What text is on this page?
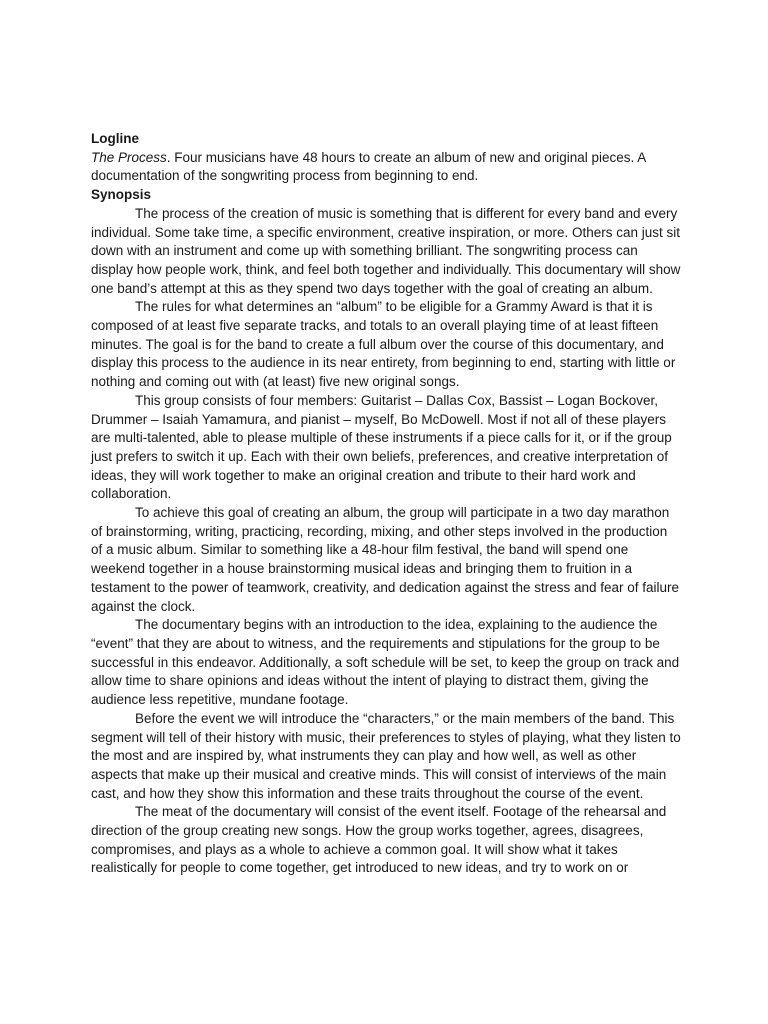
Logline

The Process. Four musicians have 48 hours to create an album of new and original pieces. A documentation of the songwriting process from beginning to end.

Synopsis

The process of the creation of music is something that is different for every band and every individual. Some take time, a specific environment, creative inspiration, or more. Others can just sit down with an instrument and come up with something brilliant. The songwriting process can display how people work, think, and feel both together and individually. This documentary will show one band’s attempt at this as they spend two days together with the goal of creating an album.

The rules for what determines an “album” to be eligible for a Grammy Award is that it is composed of at least five separate tracks, and totals to an overall playing time of at least fifteen minutes. The goal is for the band to create a full album over the course of this documentary, and display this process to the audience in its near entirety, from beginning to end, starting with little or nothing and coming out with (at least) five new original songs.

This group consists of four members: Guitarist – Dallas Cox, Bassist – Logan Bockover, Drummer – Isaiah Yamamura, and pianist – myself, Bo McDowell. Most if not all of these players are multi-talented, able to please multiple of these instruments if a piece calls for it, or if the group just prefers to switch it up. Each with their own beliefs, preferences, and creative interpretation of ideas, they will work together to make an original creation and tribute to their hard work and collaboration.

To achieve this goal of creating an album, the group will participate in a two day marathon of brainstorming, writing, practicing, recording, mixing, and other steps involved in the production of a music album. Similar to something like a 48-hour film festival, the band will spend one weekend together in a house brainstorming musical ideas and bringing them to fruition in a testament to the power of teamwork, creativity, and dedication against the stress and fear of failure against the clock.

The documentary begins with an introduction to the idea, explaining to the audience the “event” that they are about to witness, and the requirements and stipulations for the group to be successful in this endeavor. Additionally, a soft schedule will be set, to keep the group on track and allow time to share opinions and ideas without the intent of playing to distract them, giving the audience less repetitive, mundane footage.

Before the event we will introduce the “characters,” or the main members of the band. This segment will tell of their history with music, their preferences to styles of playing, what they listen to the most and are inspired by, what instruments they can play and how well, as well as other aspects that make up their musical and creative minds. This will consist of interviews of the main cast, and how they show this information and these traits throughout the course of the event.

The meat of the documentary will consist of the event itself. Footage of the rehearsal and direction of the group creating new songs. How the group works together, agrees, disagrees, compromises, and plays as a whole to achieve a common goal. It will show what it takes realistically for people to come together, get introduced to new ideas, and try to work on or
